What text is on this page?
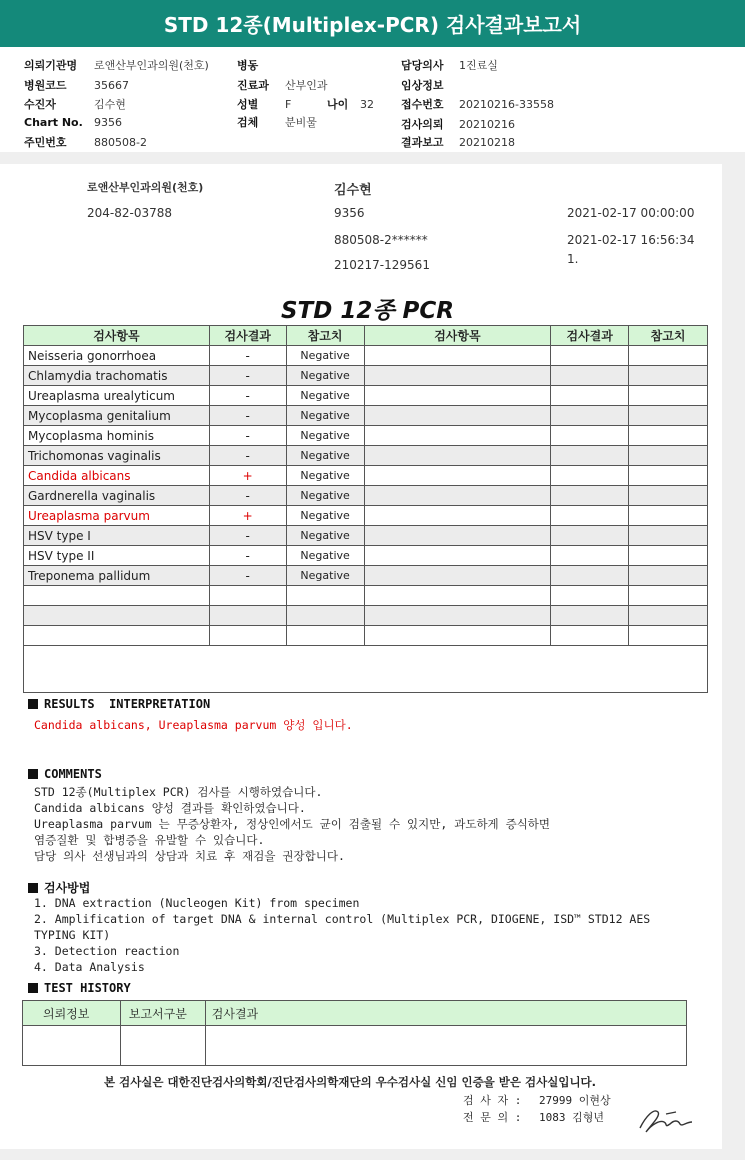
STD 12종(Multiplex-PCR) 검사결과보고서
의뢰기관명 로앤산부인과의원(천호)	병동	담당의사 1진료실
병원코드 35667	진료과 산부인과	임상정보
수진자	김수현	성별 F	나이 32 접수번호 20210216-33558
Chart No. 9356	검체 분비물	검사의뢰 20210216
주민번호 880508-2	결과보고 20210218
로앤산부인과의원(천호)
204-82-03788
김수현
9356
880508-2******
210217-129561
2021-02-17 00:00:00
2021-02-17 16:56:34
1.
STD 12종 PCR
검사항목	검사결과	참고치	검사항목	검사결과	참고치
Neisseria gonorrhoea	-	Negative			
Chlamydia trachomatis	-	Negative			
Ureaplasma urealyticum	-	Negative			
Mycoplasma genitalium	-	Negative			
Mycoplasma hominis	-	Negative			
Trichomonas vaginalis	-	Negative			
Candida albicans	+	Negative			
Gardnerella vaginalis	-	Negative			
Ureaplasma parvum	+	Negative			
HSV type I	-	Negative			
HSV type II	-	Negative			
Treponema pallidum	-	Negative			

RESULTS  INTERPRETATION
Candida albicans, Ureaplasma parvum 양성 입니다.
COMMENTS
STD 12종(Multiplex PCR) 검사를 시행하였습니다.
Candida albicans 양성 결과를 확인하였습니다.
Ureaplasma parvum 는 무증상환자, 정상인에서도 균이 검출될 수 있지만, 과도하게 증식하면
염증질환 및 합병증을 유발할 수 있습니다.
담당 의사 선생님과의 상담과 치료 후 재검을 권장합니다.
검사방법
1. DNA extraction (Nucleogen Kit) from specimen
2. Amplification of target DNA & internal control (Multiplex PCR, DIOGENE, ISD™ STD12 AES
TYPING KIT)
3. Detection reaction
4. Data Analysis
TEST HISTORY
의뢰정보	보고서구분	검사결과

본 검사실은 대한진단검사의학회/진단검사의학재단의 우수검사실 신임 인증을 받은 검사실입니다.
검 사 자 : 27999 이현상
전 문 의 : 1083 김형년
